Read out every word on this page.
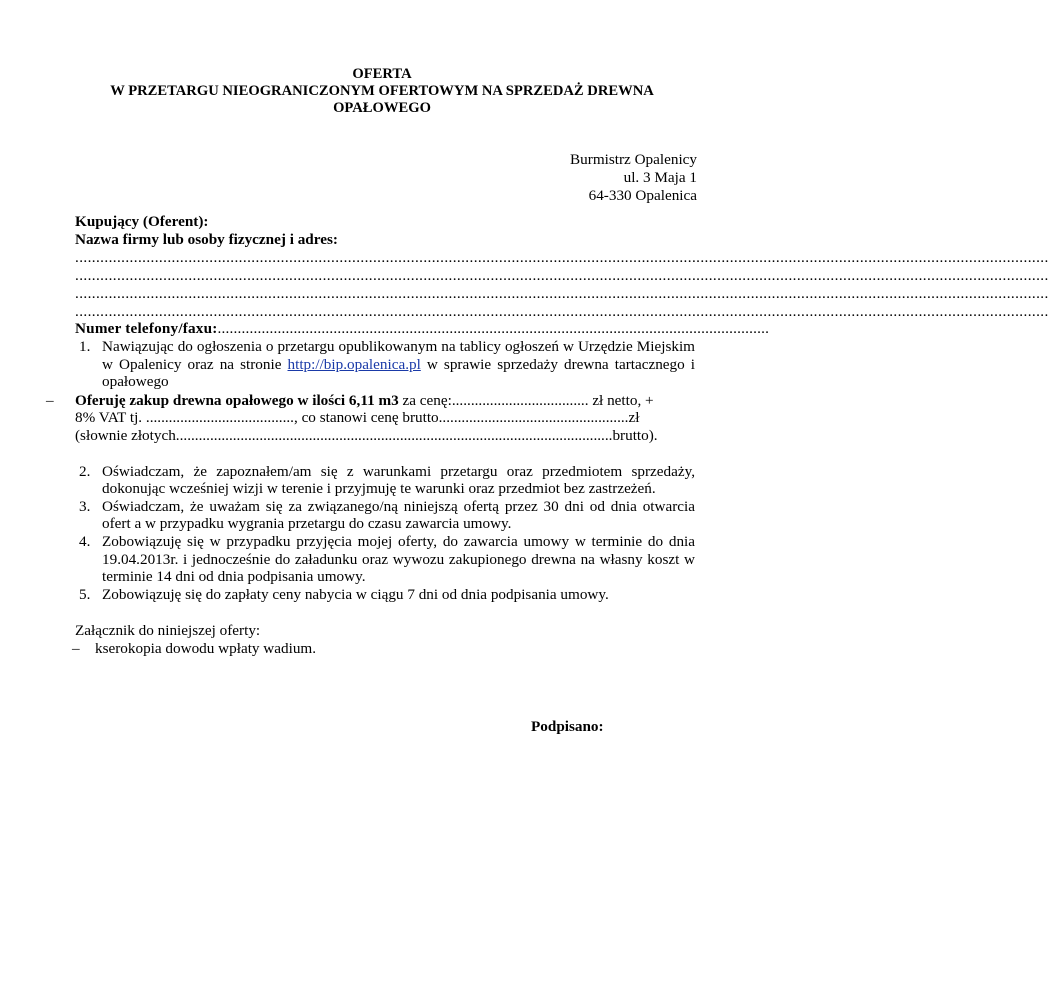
OFERTA
W PRZETARGU NIEOGRANICZONYM OFERTOWYM NA SPRZEDAŻ DREWNA
OPAŁOWEGO
Burmistrz Opalenicy
ul. 3 Maja 1
64-330 Opalenica
Kupujący (Oferent):
Nazwa firmy lub osoby fizycznej i adres:
........................................................................................................................................................................................................................................
........................................................................................................................................................................................................................................
........................................................................................................................................................................................................................................
........................................................................................................................................................................................................................................
Numer telefony/faxu:..........................................................................................................................................
1. Nawiązując do ogłoszenia o przetargu opublikowanym na tablicy ogłoszeń w Urzędzie Miejskim w Opalenicy oraz na stronie http://bip.opalenica.pl w sprawie sprzedaży drewna tartacznego i opałowego
– Oferuję zakup drewna opałowego w ilości 6,11 m3 za cenę:.................................... zł netto, +
8% VAT tj. ......................................., co stanowi cenę brutto..................................................zł
(słownie złotych...................................................................................................................brutto).
2. Oświadczam, że zapoznałem/am się z warunkami przetargu oraz przedmiotem sprzedaży, dokonując wcześniej wizji w terenie i przyjmuję te warunki oraz przedmiot bez zastrzeżeń.
3. Oświadczam, że uważam się za związanego/ną niniejszą ofertą przez 30 dni od dnia otwarcia ofert a w przypadku wygrania przetargu do czasu zawarcia umowy.
4. Zobowiązuję się w przypadku przyjęcia mojej oferty, do zawarcia umowy w terminie do dnia 19.04.2013r. i jednocześnie do załadunku oraz wywozu zakupionego drewna na własny koszt w terminie 14 dni od dnia podpisania umowy.
5. Zobowiązuję się do zapłaty ceny nabycia w ciągu 7 dni od dnia podpisania umowy.
Załącznik do niniejszej oferty:
– kserokopia dowodu wpłaty wadium.
Podpisano:
